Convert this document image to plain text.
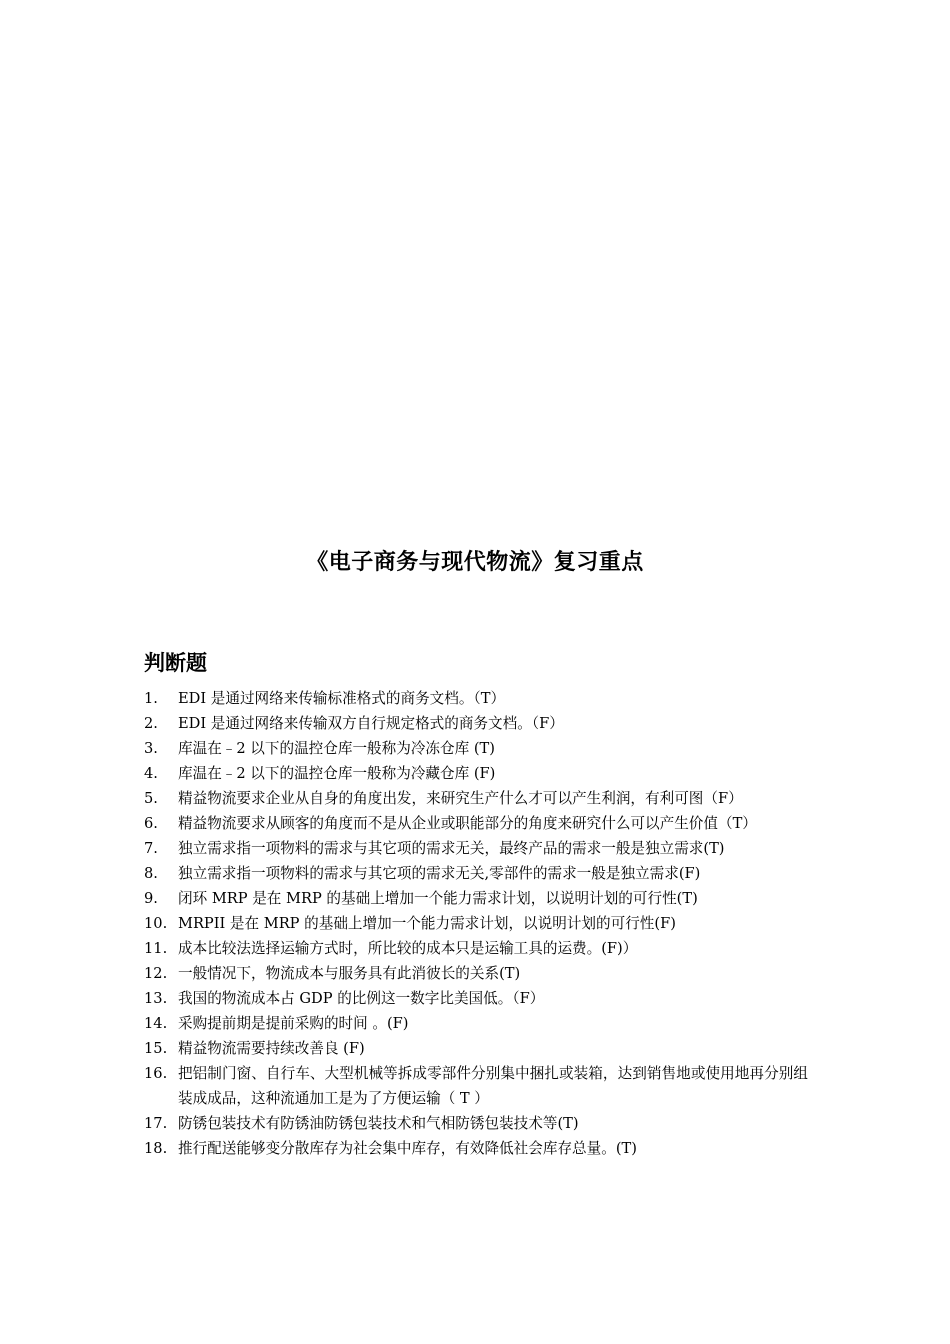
《电子商务与现代物流》复习重点
判断题
1.	EDI 是通过网络来传输标准格式的商务文档。（T）
2.	EDI 是通过网络来传输双方自行规定格式的商务文档。（F）
3.	库温在﹣2 以下的温控仓库一般称为冷冻仓库 (T)
4.	库温在﹣2 以下的温控仓库一般称为冷藏仓库 (F)
5.	精益物流要求企业从自身的角度出发，来研究生产什么才可以产生利润，有利可图（F）
6.	精益物流要求从顾客的角度而不是从企业或职能部分的角度来研究什么可以产生价值（T）
7.	独立需求指一项物料的需求与其它项的需求无关，最终产品的需求一般是独立需求(T)
8.	独立需求指一项物料的需求与其它项的需求无关,零部件的需求一般是独立需求(F)
9.	闭环 MRP 是在 MRP 的基础上增加一个能力需求计划，以说明计划的可行性(T)
10. MRPII 是在 MRP 的基础上增加一个能力需求计划，以说明计划的可行性(F)
11. 成本比较法选择运输方式时，所比较的成本只是运输工具的运费。(F)）
12. 一般情况下，物流成本与服务具有此消彼长的关系(T)
13. 我国的物流成本占 GDP 的比例这一数字比美国低。（F）
14. 采购提前期是提前采购的时间 。(F)
15. 精益物流需要持续改善良 (F)
16. 把铝制门窗、自行车、大型机械等拆成零部件分别集中捆扎或装箱，达到销售地或使用地再分别组装成成品，这种流通加工是为了方便运输（ T ）
17. 防锈包装技术有防锈油防锈包装技术和气相防锈包装技术等(T)
18. 推行配送能够变分散库存为社会集中库存，有效降低社会库存总量。(T)
